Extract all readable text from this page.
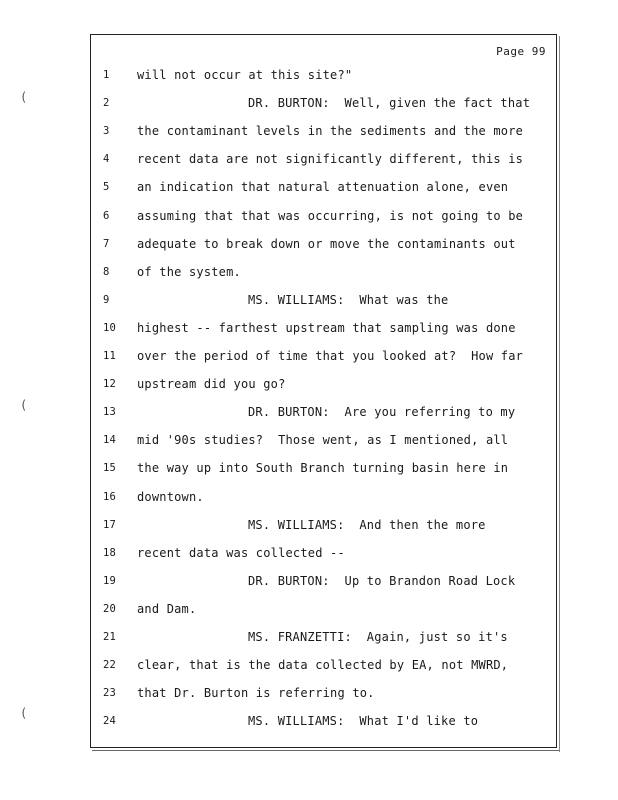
(
(
(
Page 99
1	will not occur at this site?"
2	DR. BURTON:  Well, given the fact that
3	the contaminant levels in the sediments and the more
4	recent data are not significantly different, this is
5	an indication that natural attenuation alone, even
6	assuming that that was occurring, is not going to be
7	adequate to break down or move the contaminants out
8	of the system.
9	MS. WILLIAMS:  What was the
10 highest -- farthest upstream that sampling was done
11 over the period of time that you looked at?  How far
12 upstream did you go?
13	DR. BURTON:  Are you referring to my
14 mid '90s studies?  Those went, as I mentioned, all
15 the way up into South Branch turning basin here in
16 downtown.
17	MS. WILLIAMS:  And then the more
18 recent data was collected --
19	DR. BURTON:  Up to Brandon Road Lock
20 and Dam.
21	MS. FRANZETTI:  Again, just so it's
22 clear, that is the data collected by EA, not MWRD,
23 that Dr. Burton is referring to.
24	MS. WILLIAMS:  What I'd like to
